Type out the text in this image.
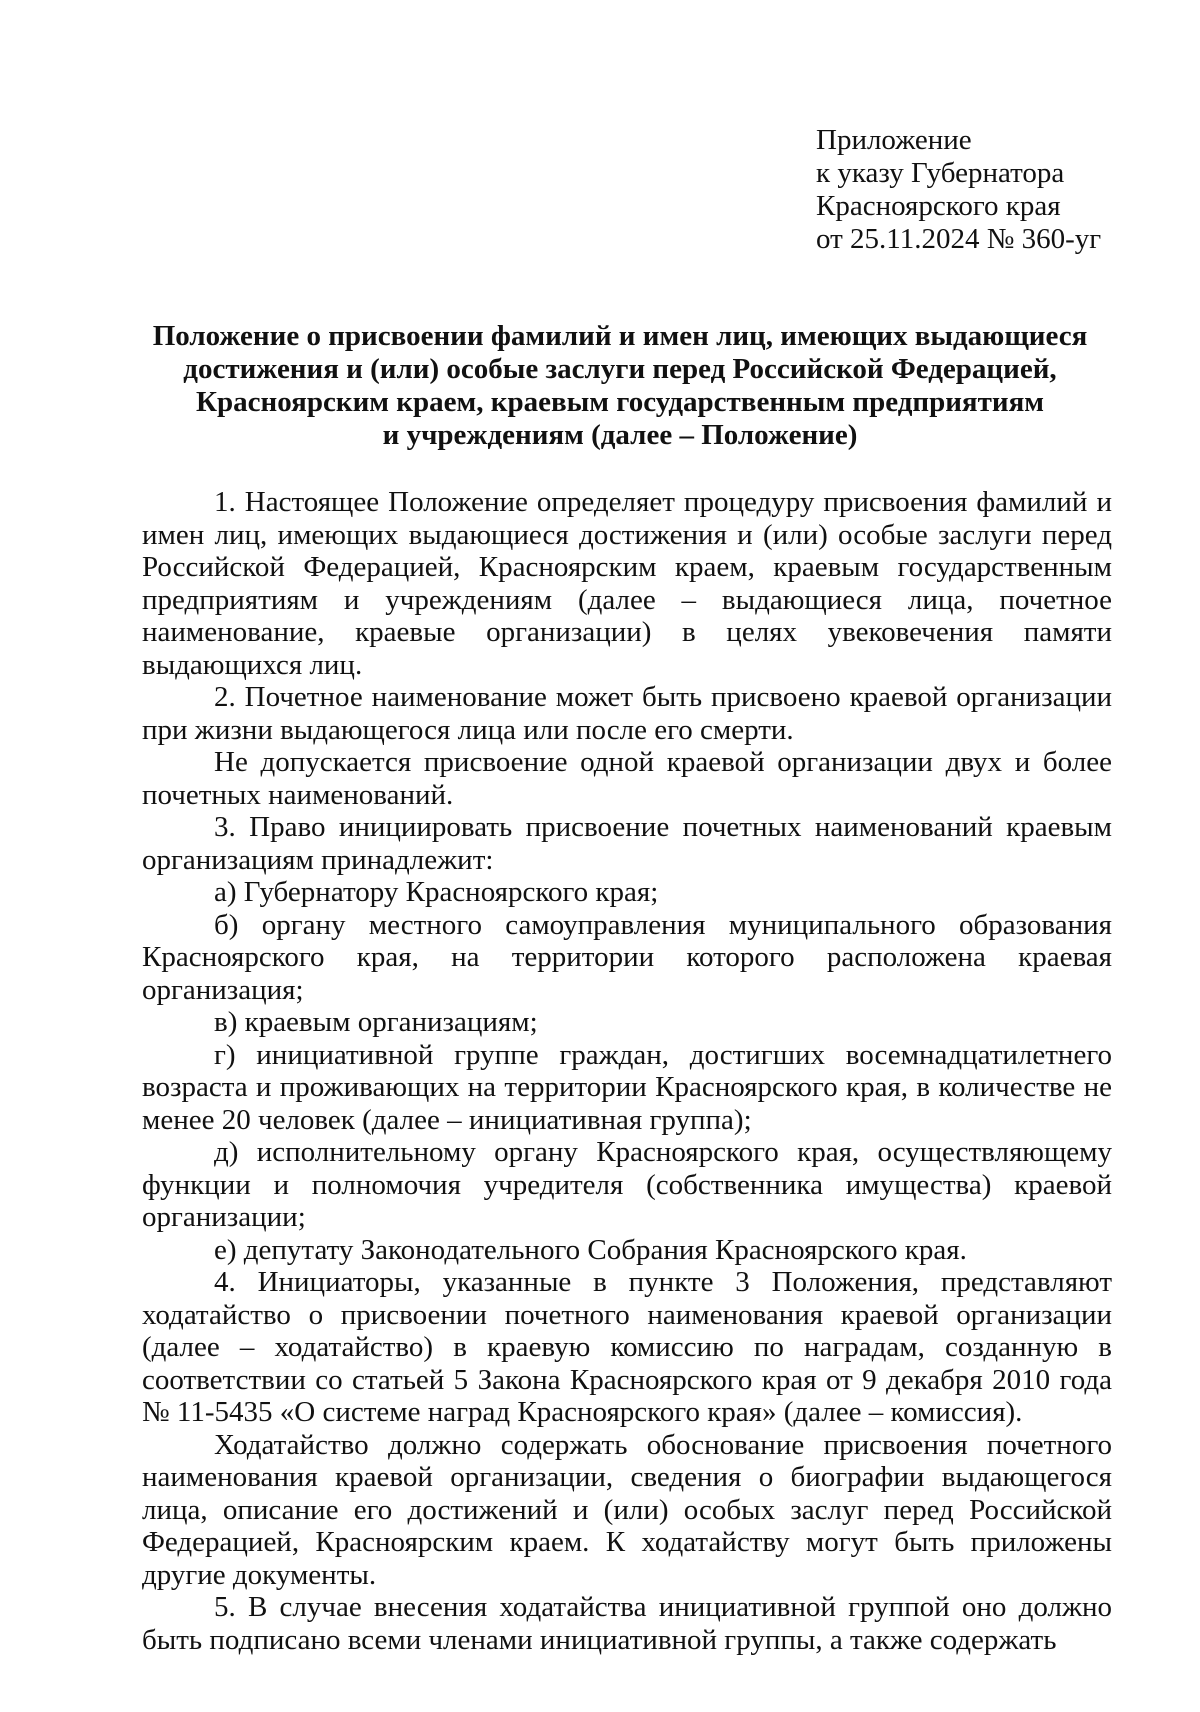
Приложение
к указу Губернатора
Красноярского края
от 25.11.2024 № 360-уг
Положение о присвоении фамилий и имен лиц, имеющих выдающиеся
достижения и (или) особые заслуги перед Российской Федерацией,
Красноярским краем, краевым государственным предприятиям
и учреждениям (далее – Положение)

1. Настоящее Положение определяет процедуру присвоения фамилий и имен лиц, имеющих выдающиеся достижения и (или) особые заслуги перед Российской Федерацией, Красноярским краем, краевым государственным предприятиям и учреждениям (далее – выдающиеся лица, почетное наименование, краевые организации) в целях увековечения памяти выдающихся лиц.

2. Почетное наименование может быть присвоено краевой организации при жизни выдающегося лица или после его смерти.

Не допускается присвоение одной краевой организации двух и более почетных наименований.

3. Право инициировать присвоение почетных наименований краевым организациям принадлежит:

а) Губернатору Красноярского края;

б) органу местного самоуправления муниципального образования Красноярского края, на территории которого расположена краевая организация;

в) краевым организациям;

г) инициативной группе граждан, достигших восемнадцатилетнего возраста и проживающих на территории Красноярского края, в количестве не менее 20 человек (далее – инициативная группа);

д) исполнительному органу Красноярского края, осуществляющему функции и полномочия учредителя (собственника имущества) краевой организации;

е) депутату Законодательного Собрания Красноярского края.

4. Инициаторы, указанные в пункте 3 Положения, представляют ходатайство о присвоении почетного наименования краевой организации (далее – ходатайство) в краевую комиссию по наградам, созданную в соответствии со статьей 5 Закона Красноярского края от 9 декабря 2010 года № 11-5435 «О системе наград Красноярского края» (далее – комиссия).

Ходатайство должно содержать обоснование присвоения почетного наименования краевой организации, сведения о биографии выдающегося лица, описание его достижений и (или) особых заслуг перед Российской Федерацией, Красноярским краем. К ходатайству могут быть приложены другие документы.

5. В случае внесения ходатайства инициативной группой оно должно быть подписано всеми членами инициативной группы, а также содержать
